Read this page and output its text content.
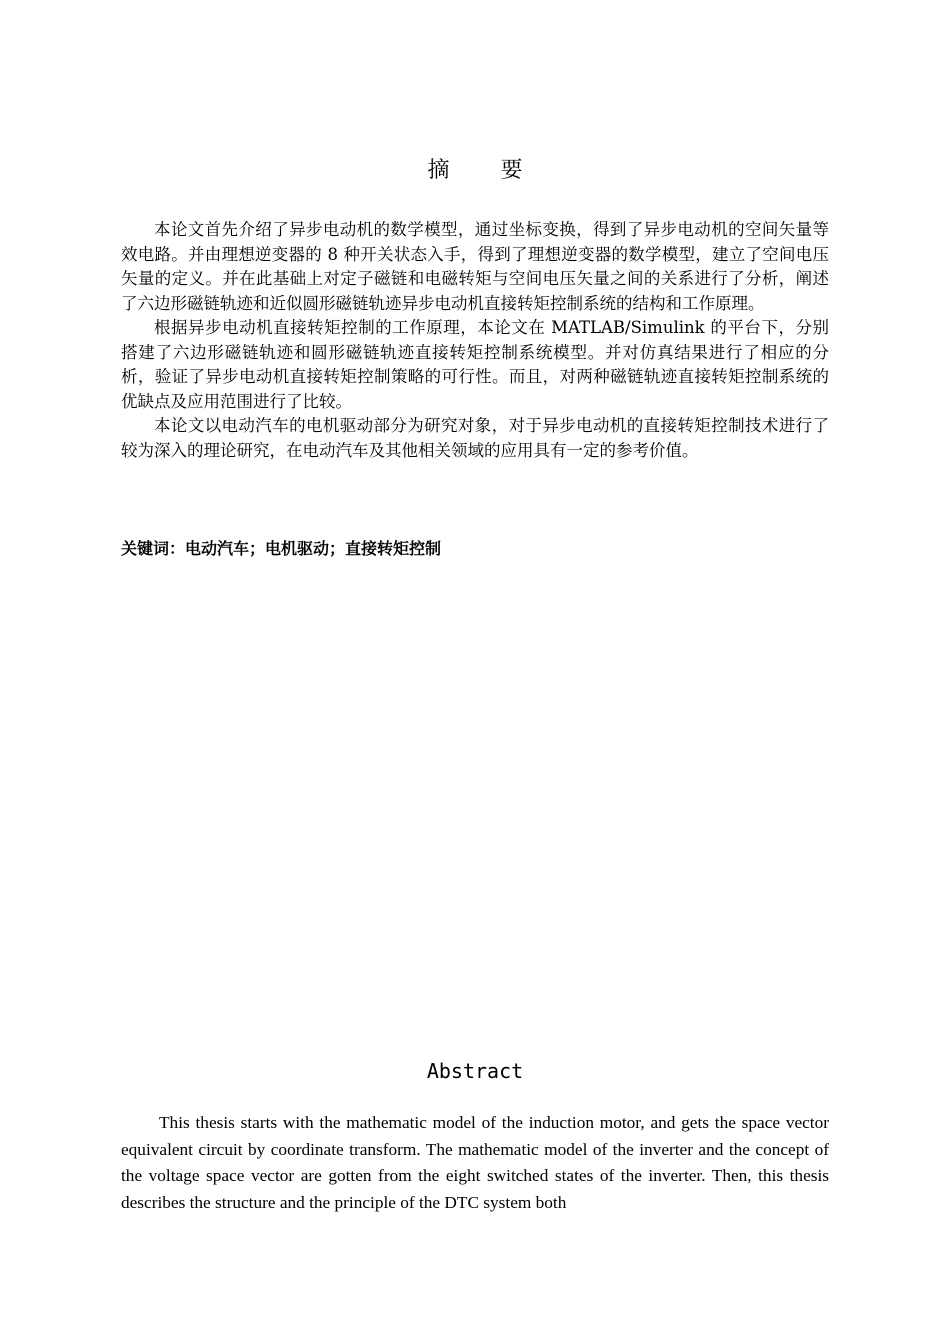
摘 要

本论文首先介绍了异步电动机的数学模型，通过坐标变换，得到了异步电动机的空间矢量等效电路。并由理想逆变器的 8 种开关状态入手，得到了理想逆变器的数学模型，建立了空间电压矢量的定义。并在此基础上对定子磁链和电磁转矩与空间电压矢量之间的关系进行了分析，阐述了六边形磁链轨迹和近似圆形磁链轨迹异步电动机直接转矩控制系统的结构和工作原理。

根据异步电动机直接转矩控制的工作原理，本论文在 MATLAB/Simulink 的平台下，分别搭建了六边形磁链轨迹和圆形磁链轨迹直接转矩控制系统模型。并对仿真结果进行了相应的分析，验证了异步电动机直接转矩控制策略的可行性。而且，对两种磁链轨迹直接转矩控制系统的优缺点及应用范围进行了比较。

本论文以电动汽车的电机驱动部分为研究对象，对于异步电动机的直接转矩控制技术进行了较为深入的理论研究，在电动汽车及其他相关领域的应用具有一定的参考价值。

关键词：电动汽车；电机驱动；直接转矩控制
Abstract

This thesis starts with the mathematic model of the induction motor, and gets the space vector equivalent circuit by coordinate transform. The mathematic model of the inverter and the concept of the voltage space vector are gotten from the eight switched states of the inverter. Then, this thesis describes the structure and the principle of the DTC system both
